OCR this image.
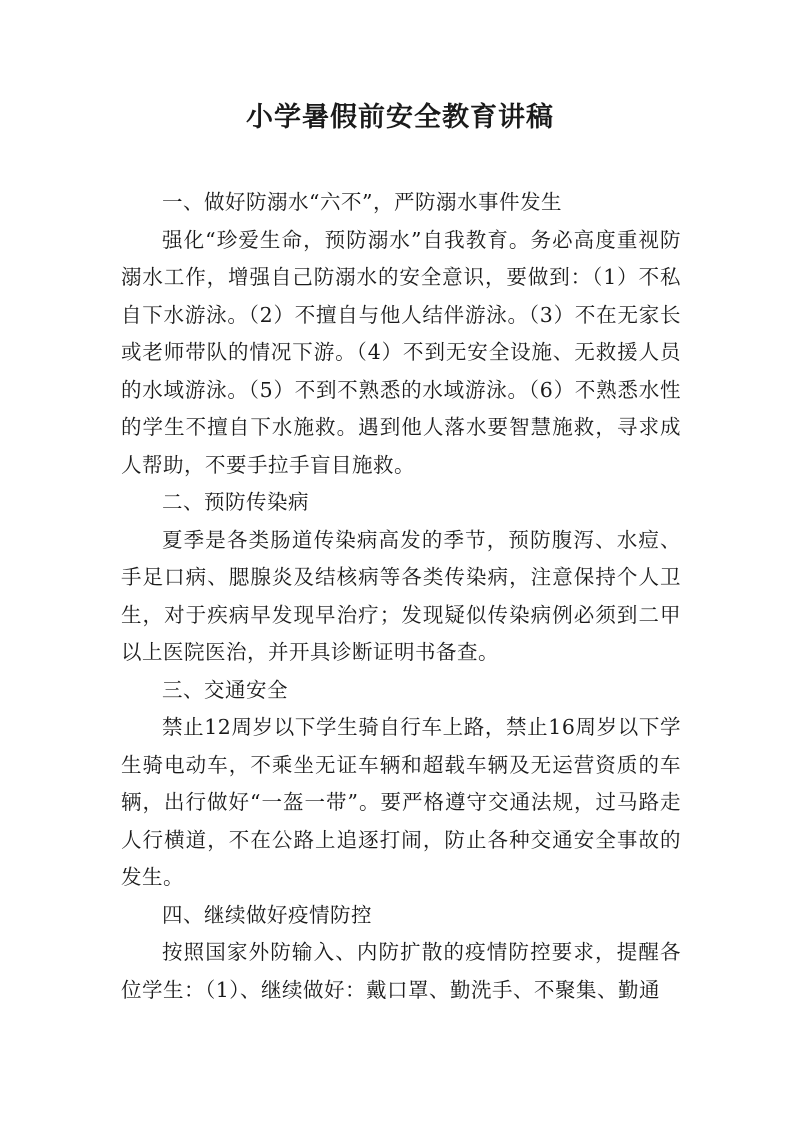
小学暑假前安全教育讲稿

一、做好防溺水“六不”，严防溺水事件发生

强化“珍爱生命，预防溺水”自我教育。务必高度重视防溺水工作，增强自己防溺水的安全意识，要做到：（1）不私自下水游泳。（2）不擅自与他人结伴游泳。（3）不在无家长或老师带队的情况下游。（4）不到无安全设施、无救援人员的水域游泳。（5）不到不熟悉的水域游泳。（6）不熟悉水性的学生不擅自下水施救。遇到他人落水要智慧施救，寻求成人帮助，不要手拉手盲目施救。

二、预防传染病

夏季是各类肠道传染病高发的季节，预防腹泻、水痘、手足口病、腮腺炎及结核病等各类传染病，注意保持个人卫生，对于疾病早发现早治疗；发现疑似传染病例必须到二甲以上医院医治，并开具诊断证明书备查。

三、交通安全

禁止12周岁以下学生骑自行车上路，禁止16周岁以下学生骑电动车，不乘坐无证车辆和超载车辆及无运营资质的车辆，出行做好“一盔一带”。要严格遵守交通法规，过马路走人行横道，不在公路上追逐打闹，防止各种交通安全事故的发生。

四、继续做好疫情防控

按照国家外防输入、内防扩散的疫情防控要求，提醒各位学生：（1）、继续做好：戴口罩、勤洗手、不聚集、勤通
